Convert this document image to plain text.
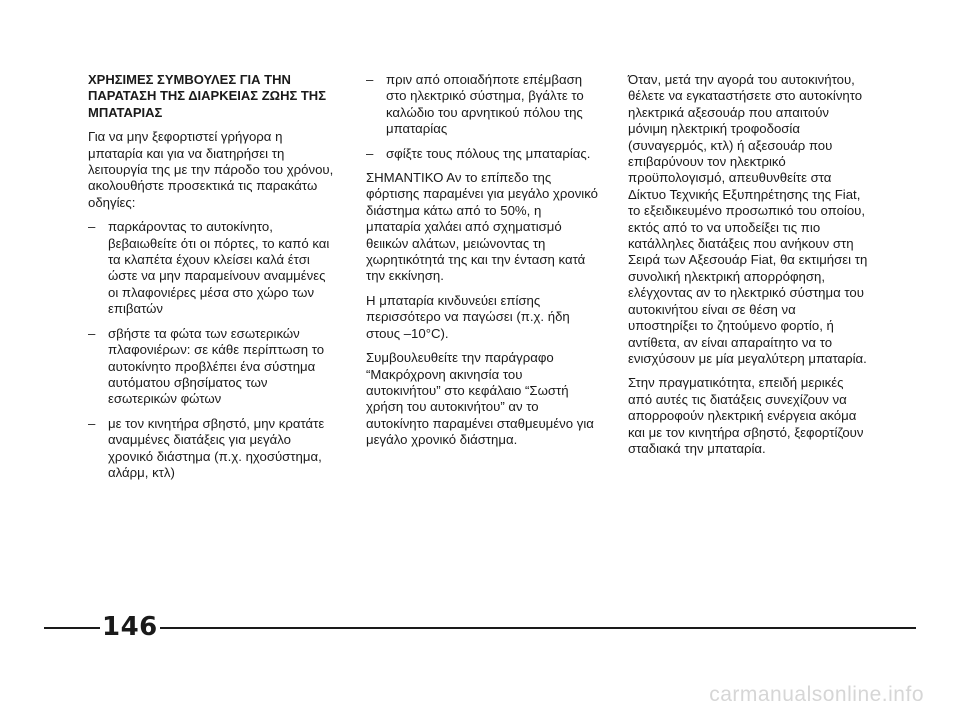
ΧΡΗΣΙΜΕΣ ΣΥΜΒΟΥΛΕΣ ΓΙΑ ΤΗΝ ΠΑΡΑΤΑΣΗ ΤΗΣ ΔΙΑΡΚΕΙΑΣ ΖΩΗΣ ΤΗΣ ΜΠΑΤΑΡΙΑΣ

Για να μην ξεφορτιστεί γρήγορα η μπαταρία και για να διατηρήσει τη λειτουργία της με την πάροδο του χρόνου, ακολουθήστε προσεκτικά τις παρακάτω οδηγίες:

– παρκάροντας το αυτοκίνητο, βεβαιωθείτε ότι οι πόρτες, το καπό και τα κλαπέτα έχουν κλείσει καλά έτσι ώστε να μην παραμείνουν αναμμένες οι πλαφονιέρες μέσα στο χώρο των επιβατών
– σβήστε τα φώτα των εσωτερικών πλαφονιέρων: σε κάθε περίπτωση το αυτοκίνητο προβλέπει ένα σύστημα αυτόματου σβησίματος των εσωτερικών φώτων
– με τον κινητήρα σβηστό, μην κρατάτε αναμμένες διατάξεις για μεγάλο χρονικό διάστημα (π.χ. ηχοσύστημα, αλάρμ, κτλ)
– πριν από οποιαδήποτε επέμβαση στο ηλεκτρικό σύστημα, βγάλτε το καλώδιο του αρνητικού πόλου της μπαταρίας
– σφίξτε τους πόλους της μπαταρίας.

ΣΗΜΑΝΤΙΚΟ Αν το επίπεδο της φόρτισης παραμένει για μεγάλο χρονικό διάστημα κάτω από το 50%, η μπαταρία χαλάει από σχηματισμό θειικών αλάτων, μειώνοντας τη χωρητικότητά της και την ένταση κατά την εκκίνηση.

Η μπαταρία κινδυνεύει επίσης περισσότερο να παγώσει (π.χ. ήδη στους –10°C).

Συμβουλευθείτε την παράγραφο “Μακρόχρονη ακινησία του αυτοκινήτου” στο κεφάλαιο “Σωστή χρήση του αυτοκινήτου” αν το αυτοκίνητο παραμένει σταθμευμένο για μεγάλο χρονικό διάστημα.

Όταν, μετά την αγορά του αυτοκινήτου, θέλετε να εγκαταστήσετε στο αυτοκίνητο ηλεκτρικά αξεσουάρ που απαιτούν μόνιμη ηλεκτρική τροφοδοσία (συναγερμός, κτλ) ή αξεσουάρ που επιβαρύνουν τον ηλεκτρικό προϋπολογισμό, απευθυνθείτε στα Δίκτυο Τεχνικής Εξυπηρέτησης της Fiat, το εξειδικευμένο προσωπικό του οποίου, εκτός από το να υποδείξει τις πιο κατάλληλες διατάξεις που ανήκουν στη Σειρά των Αξεσουάρ Fiat, θα εκτιμήσει τη συνολική ηλεκτρική απορρόφηση, ελέγχοντας αν το ηλεκτρικό σύστημα του αυτοκινήτου είναι σε θέση να υποστηρίξει το ζητούμενο φορτίο, ή αντίθετα, αν είναι απαραίτητο να το ενισχύσουν με μία μεγαλύτερη μπαταρία.

Στην πραγματικότητα, επειδή μερικές από αυτές τις διατάξεις συνεχίζουν να απορροφούν ηλεκτρική ενέργεια ακόμα και με τον κινητήρα σβηστό, ξεφορτίζουν σταδιακά την μπαταρία.

146
carmanualsonline.info
